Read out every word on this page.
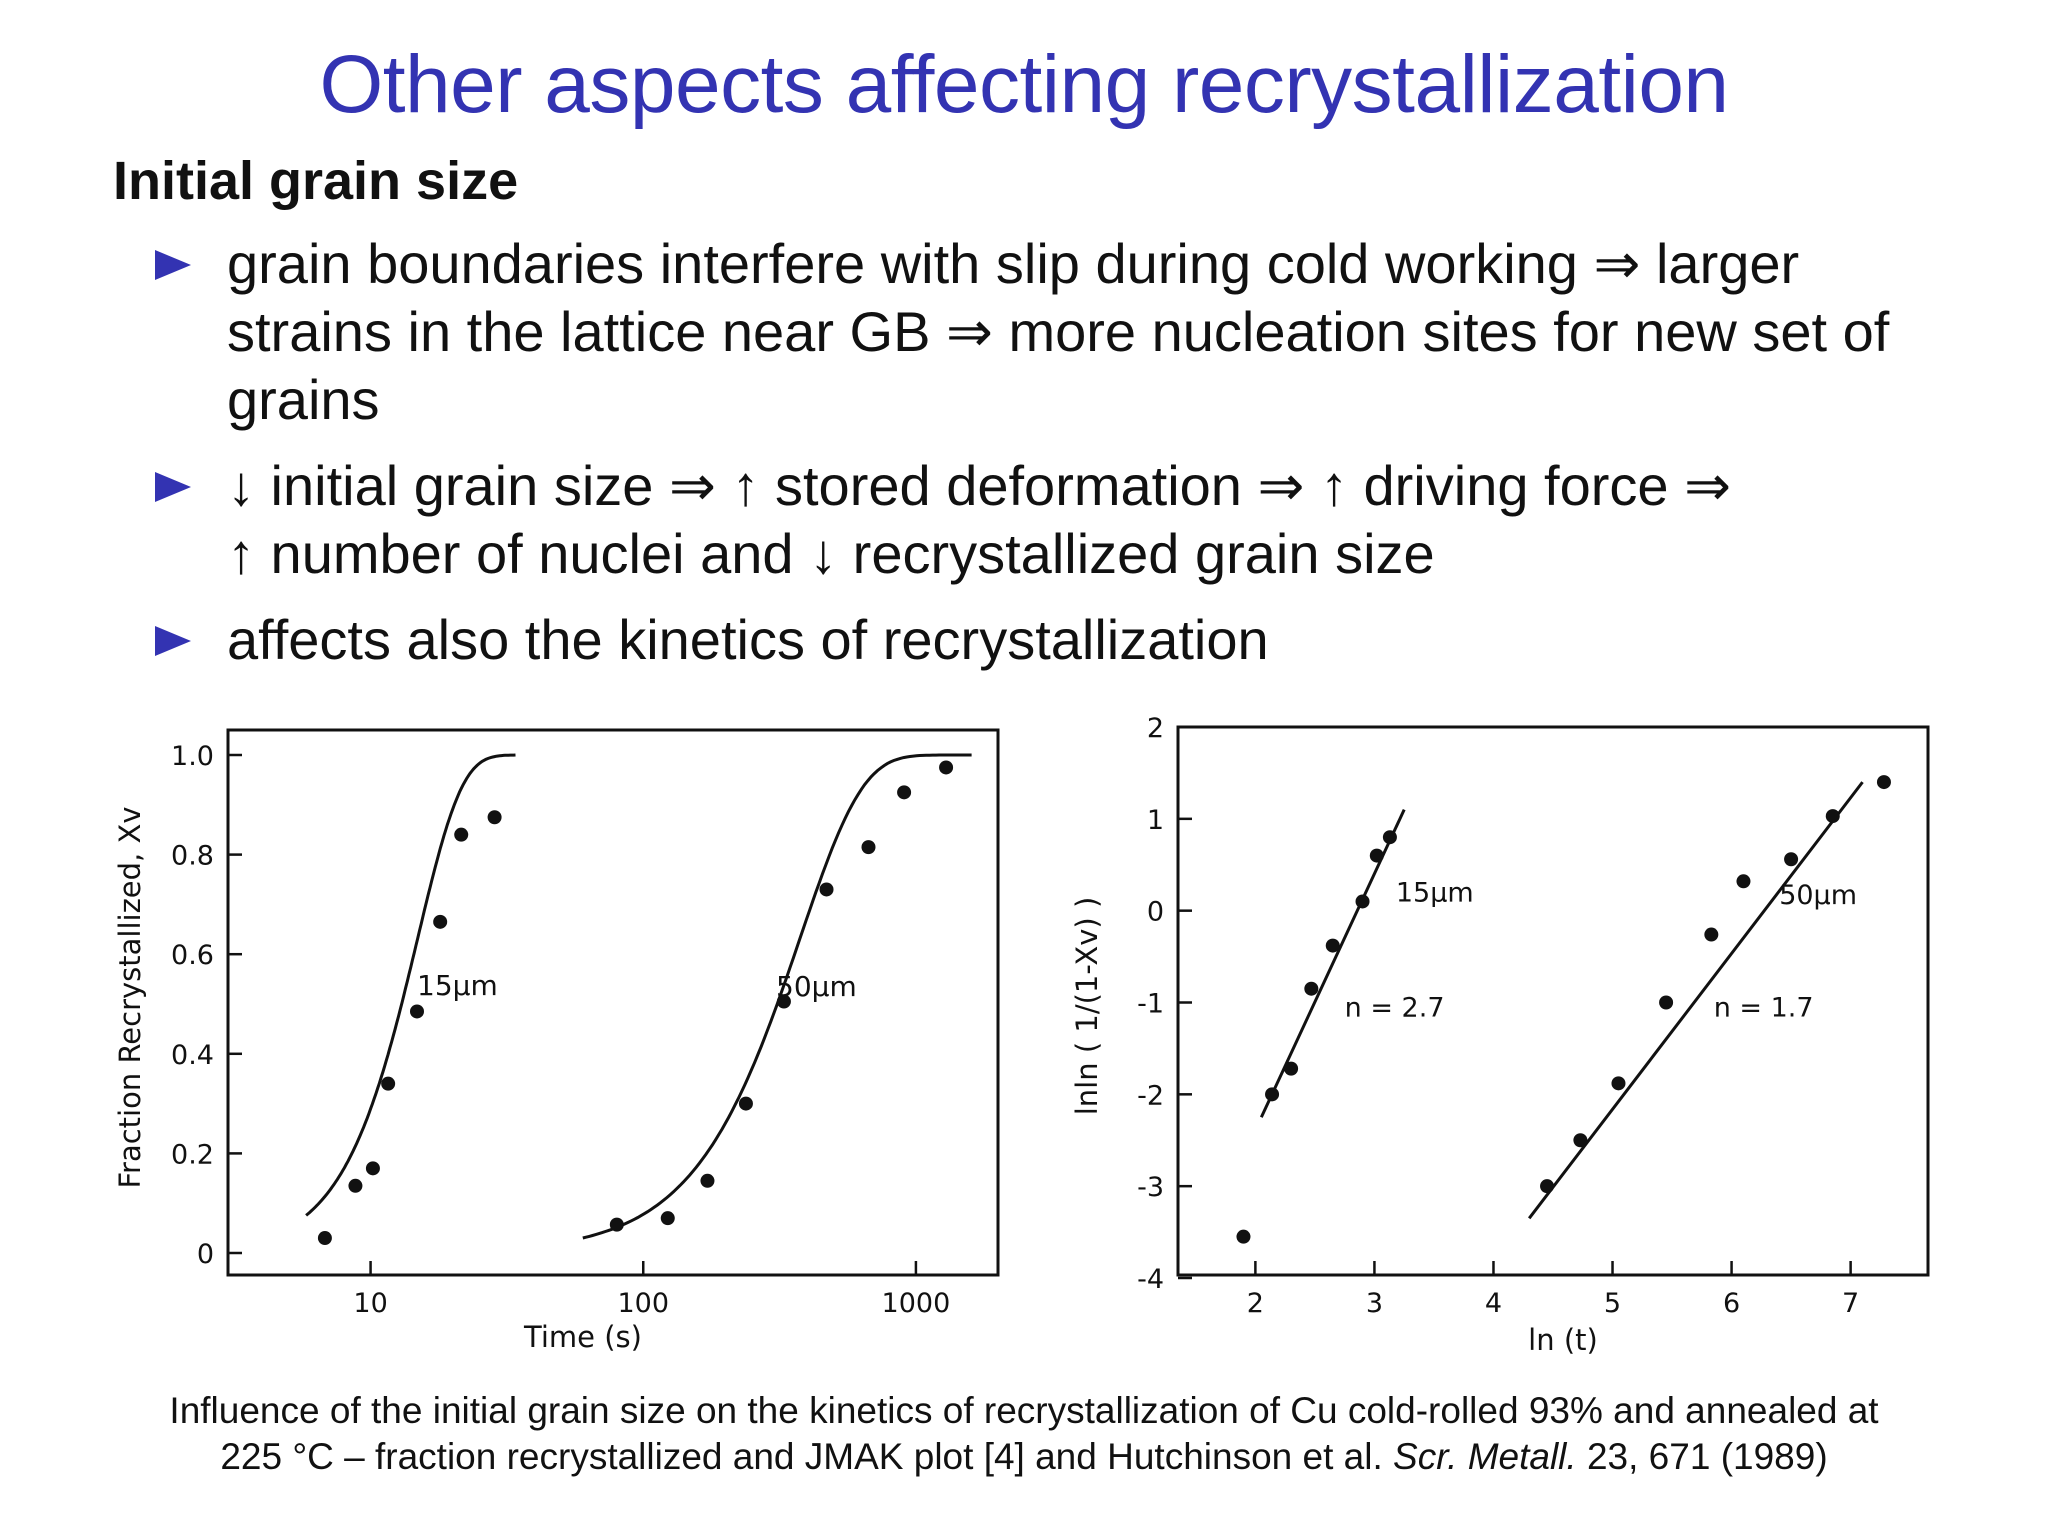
Other aspects affecting recrystallization
Initial grain size
grain boundaries interfere with slip during cold working ⇒ larger
strains in the lattice near GB ⇒ more nucleation sites for new set of
grains
↓ initial grain size ⇒ ↑ stored deformation ⇒ ↑ driving force ⇒
↑ number of nuclei and ↓ recrystallized grain size
affects also the kinetics of recrystallization
0
0.2
0.4
0.6
0.8
1.0
10	100	1000
Time (s)
Fraction Recrystallized, Xv	15µm	50µm
-4
-3
-2
-1
0
1
2
2	3	4	5	6	7
ln (t)
lnln ( 1/(1-Xv) )
15µm
n = 2.7
50µm
n = 1.7
Influence of the initial grain size on the kinetics of recrystallization of Cu cold-rolled 93% and annealed at
225 °C – fraction recrystallized and JMAK plot [4] and Hutchinson et al. Scr. Metall. 23, 671 (1989)
